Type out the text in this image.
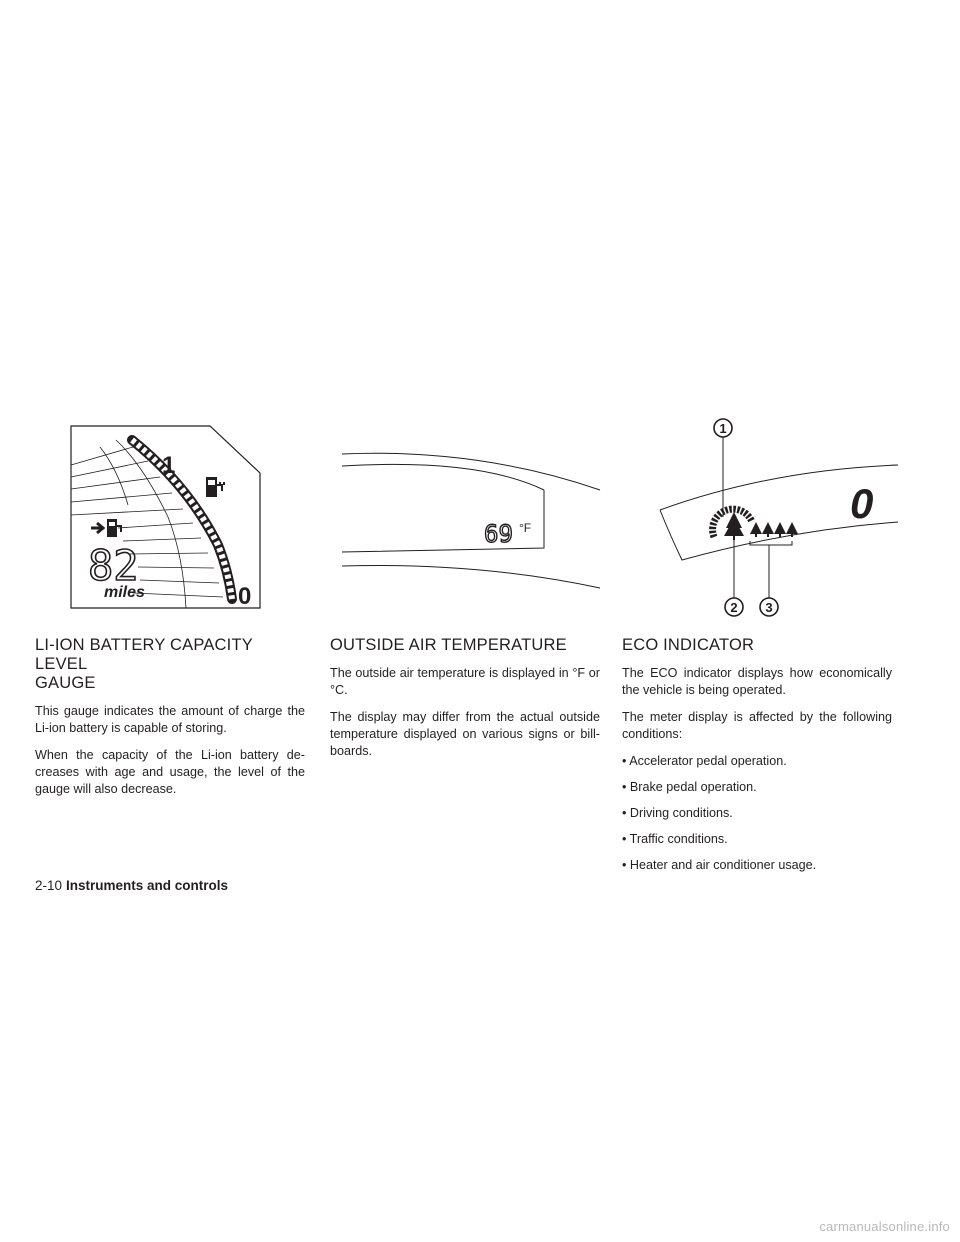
1
0
82
miles
69 °F
0
1
2 3
LI-ION BATTERY CAPACITY LEVEL
GAUGE

This gauge indicates the amount of charge the Li-ion battery is capable of storing.

When the capacity of the Li-ion battery de-creases with age and usage, the level of the gauge will also decrease.

OUTSIDE AIR TEMPERATURE

The outside air temperature is displayed in °F or °C.

The display may differ from the actual outside temperature displayed on various signs or bill-boards.

ECO INDICATOR

The ECO indicator displays how economically the vehicle is being operated.

The meter display is affected by the following conditions:

• Accelerator pedal operation.

• Brake pedal operation.

• Driving conditions.

• Traffic conditions.

• Heater and air conditioner usage.

2-10 Instruments and controls
carmanualsonline.info
